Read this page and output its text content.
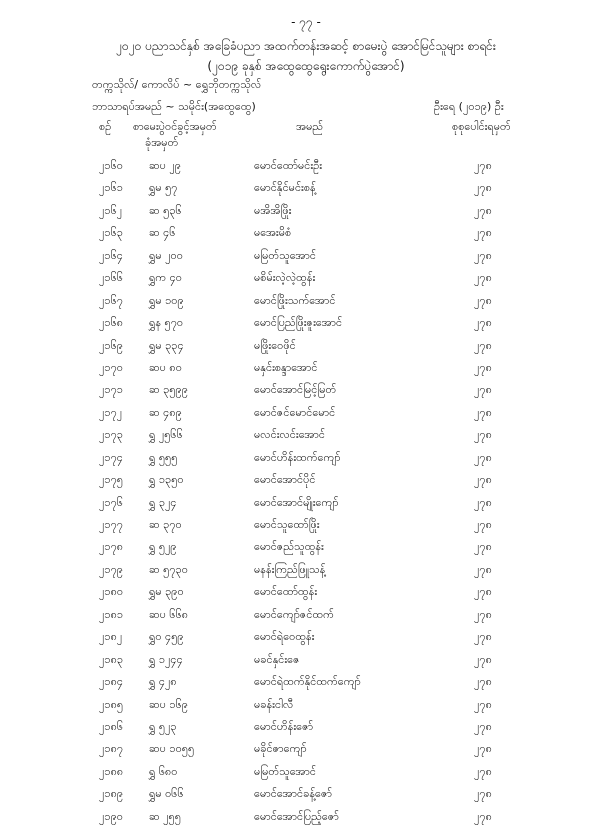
- ၇၇ -
၂၀၂၀ ပညာသင်နှစ် အခြေခံပညာ အထက်တန်းအဆင့် စာမေးပွဲ အောင်မြင်သူများ စာရင်း
(၂၀၁၉ ခုနှစ် အထွေထွေရွေးကောက်ပွဲအောင်)
တက္ကသိုလ်/ ကောလိပ် ~ ရွှေဘိုတက္ကသိုလ်
ဘာသာရပ်အမည် ~ သမိုင်း(အထွေထွေ)	ဦးရေ (၂၀၁၉) ဦး
စဉ် စာမေးပွဲဝင်ခွင့်အမှတ်
ခုံအမှတ်
အမည်	စုစုပေါင်းရမှတ်
၂၁၆၀ ဆပ ၂၉	မောင်ထော်မင်းဦး	၂၇၈
၂၁၆၁ ရွှမ ၅၇	မောင်နိုင်မင်းစန့်	၂၇၈
၂၁၆၂ ဆ ၅၃၆	မအိအိဖြိုး	၂၇၈
၂၁၆၃ ဆ ၄၆	မအေးမိစံ	၂၇၈
၂၁၆၄ ရွှမ ၂၀၀	မမြတ်သူအောင်	၂၇၈
၂၁၆၆ ရွှက ၄၀	မစိမ်းလဲ့လဲ့ထွန်း	၂၇၈
၂၁၆၇ ရွှမ ၁၀၉	မောင်ဖြိုးသက်အောင်	၂၇၈
၂၁၆၈ ရွှန ၅၇၀	မောင်ပြည်ဖြိုးဇူးအောင်	၂၇၈
၂၁၆၉ ရွှမ ၃၃၄	မဖြိုးဝေဖိုင်	၂၇၈
၂၁၇၀ ဆပ ၈၀	မနှင်းစန္ဒာအောင်	၂၇၈
၂၁၇၁ ဆ ၃၅၉၉	မောင်အောင်မြင့်မြတ်	၂၇၈
၂၁၇၂ ဆ ၄၈၉	မောင်ဇင်မောင်မောင်	၂၇၈
၂၁၇၃ ရွှ ၂၅၆၆	မလင်းလင်းအောင်	၂၇၈
၂၁၇၄ ရွှ ၅၅၅	မောင်ဟိန်းထက်ကျော်	၂၇၈
၂၁၇၅ ရွှ ၁၃၅၀	မောင်အောင်ပိုင်	၂၇၈
၂၁၇၆ ရွှ ၃၂၄	မောင်အောင်မျိုးကျော်	၂၇၈
၂၁၇၇ ဆ ၃၇၀	မောင်သူထော်ဖြိုး	၂၇၈
၂၁၇၈ ရွှ ၅၂၉	မောင်ဇည်သူထွန်း	၂၇၈
၂၁၇၉ ဆ ၅၇၃၀	မနန်းကြည်ဖြူသန့်	၂၇၈
၂၁၈၀ ရွှမ ၃၉၀	မောင်ထော်ထွန်း	၂၇၈
၂၁၈၁ ဆပ ၆၆၈	မောင်ကျော်ဇင်ထက်	၂၇၈
၂၁၈၂ ရွှ၀ ၄၅၉	မောင်ရဲဝေထွန်း	၂၇၈
၂၁၈၃ ရွှ ၁၂၄၄	မခင်နှင်းဇေ	၂၇၈
၂၁၈၄ ရွှ ၄၂၈	မောင်ရဲထက်နိုင်ထက်ကျော်	၂၇၈
၂၁၈၅ ဆပ ၁၆၉	မခန်းငါလီ	၂၇၈
၂၁၈၆ ရွှ ၅၂၃	မောင်ဟိန်းဇော်	၂၇၈
၂၁၈၇ ဆပ ၁၀၅၅	မခိုင်ဇာကျော်	၂၇၈
၂၁၈၈ ရွှ ၆၈၀	မမြတ်သူအောင်	၂၇၈
၂၁၈၉ ရွှမ ၀၆၆	မောင်အောင်ခန့်ဇော်	၂၇၈
၂၁၉၀ ဆ ၂၅၅	မောင်အောင်ပြည့်ဇော်	၂၇၈
